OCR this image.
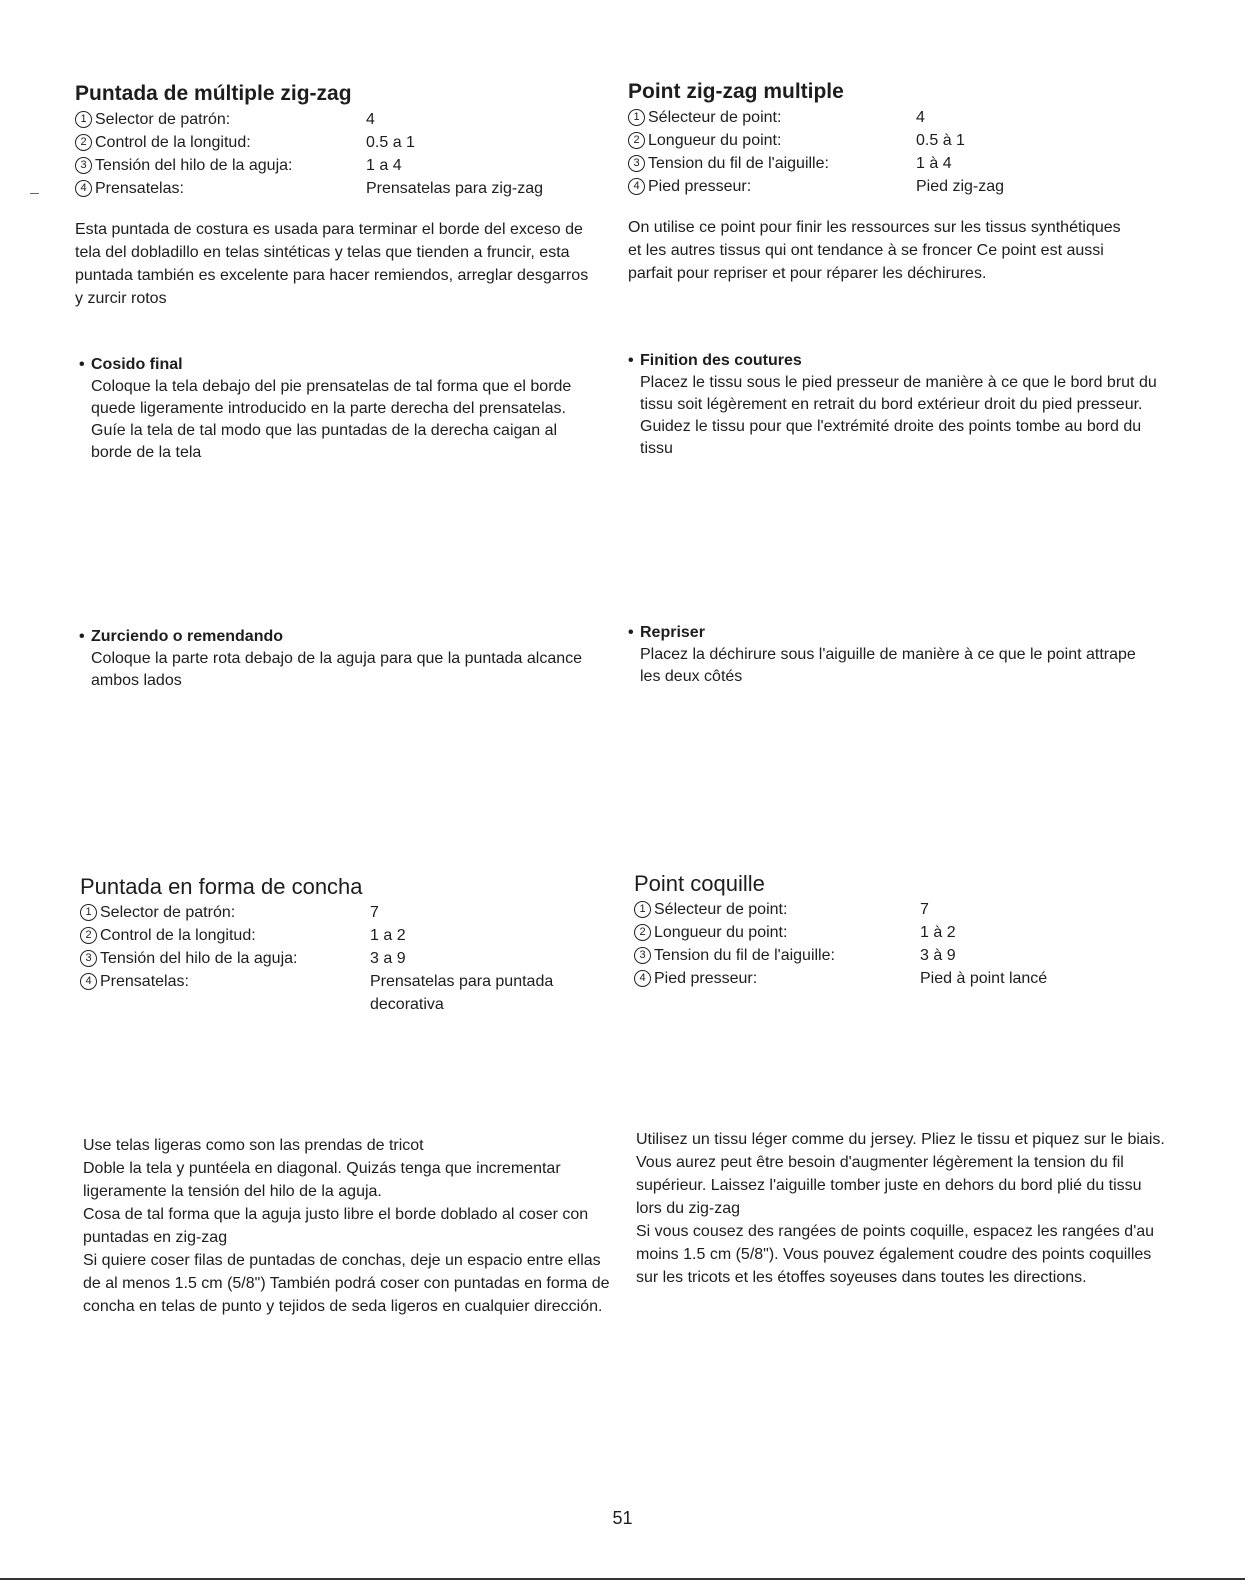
Puntada de múltiple zig-zag
1 Selector de patrón:	4
2 Control de la longitud:	0.5 a 1
3 Tensión del hilo de la aguja:	1 a 4
4 Prensatelas:	Prensatelas para zig-zag

Esta puntada de costura es usada para terminar el borde del exceso de tela del dobladillo en telas sintéticas y telas que tienden a fruncir, esta puntada también es excelente para hacer remiendos, arreglar desgarros y zurcir rotos

• Cosido final
Coloque la tela debajo del pie prensatelas de tal forma que el borde quede ligeramente introducido en la parte derecha del prensatelas. Guíe la tela de tal modo que las puntadas de la derecha caigan al borde de la tela
• Zurciendo o remendando
Coloque la parte rota debajo de la aguja para que la puntada alcance ambos lados
Point zig-zag multiple
1 Sélecteur de point:	4
2 Longueur du point:	0.5 à 1
3 Tension du fil de l'aiguille:	1 à 4
4 Pied presseur:	Pied zig-zag

On utilise ce point pour finir les ressources sur les tissus synthétiques et les autres tissus qui ont tendance à se froncer Ce point est aussi parfait pour repriser et pour réparer les déchirures.

• Finition des coutures
Placez le tissu sous le pied presseur de manière à ce que le bord brut du tissu soit légèrement en retrait du bord extérieur droit du pied presseur. Guidez le tissu pour que l'extrémité droite des points tombe au bord du tissu
• Repriser
Placez la déchirure sous l'aiguille de manière à ce que le point attrape les deux côtés
Puntada en forma de concha
1 Selector de patrón:	7
2 Control de la longitud:	1 a 2
3 Tensión del hilo de la aguja:	3 a 9
4 Prensatelas:	Prensatelas para puntada decorativa

Use telas ligeras como son las prendas de tricot

Doble la tela y puntéela en diagonal. Quizás tenga que incrementar ligeramente la tensión del hilo de la aguja.

Cosa de tal forma que la aguja justo libre el borde doblado al coser con puntadas en zig-zag

Si quiere coser filas de puntadas de conchas, deje un espacio entre ellas de al menos 1.5 cm (5/8") También podrá coser con puntadas en forma de concha en telas de punto y tejidos de seda ligeros en cualquier dirección.

Point coquille
1 Sélecteur de point:	7
2 Longueur du point:	1 à 2
3 Tension du fil de l'aiguille:	3 à 9
4 Pied presseur:	Pied à point lancé

Utilisez un tissu léger comme du jersey. Pliez le tissu et piquez sur le biais. Vous aurez peut être besoin d'augmenter légèrement la tension du fil supérieur. Laissez l'aiguille tomber juste en dehors du bord plié du tissu lors du zig-zag

Si vous cousez des rangées de points coquille, espacez les rangées d'au moins 1.5 cm (5/8"). Vous pouvez également coudre des points coquilles sur les tricots et les étoffes soyeuses dans toutes les directions.

51
